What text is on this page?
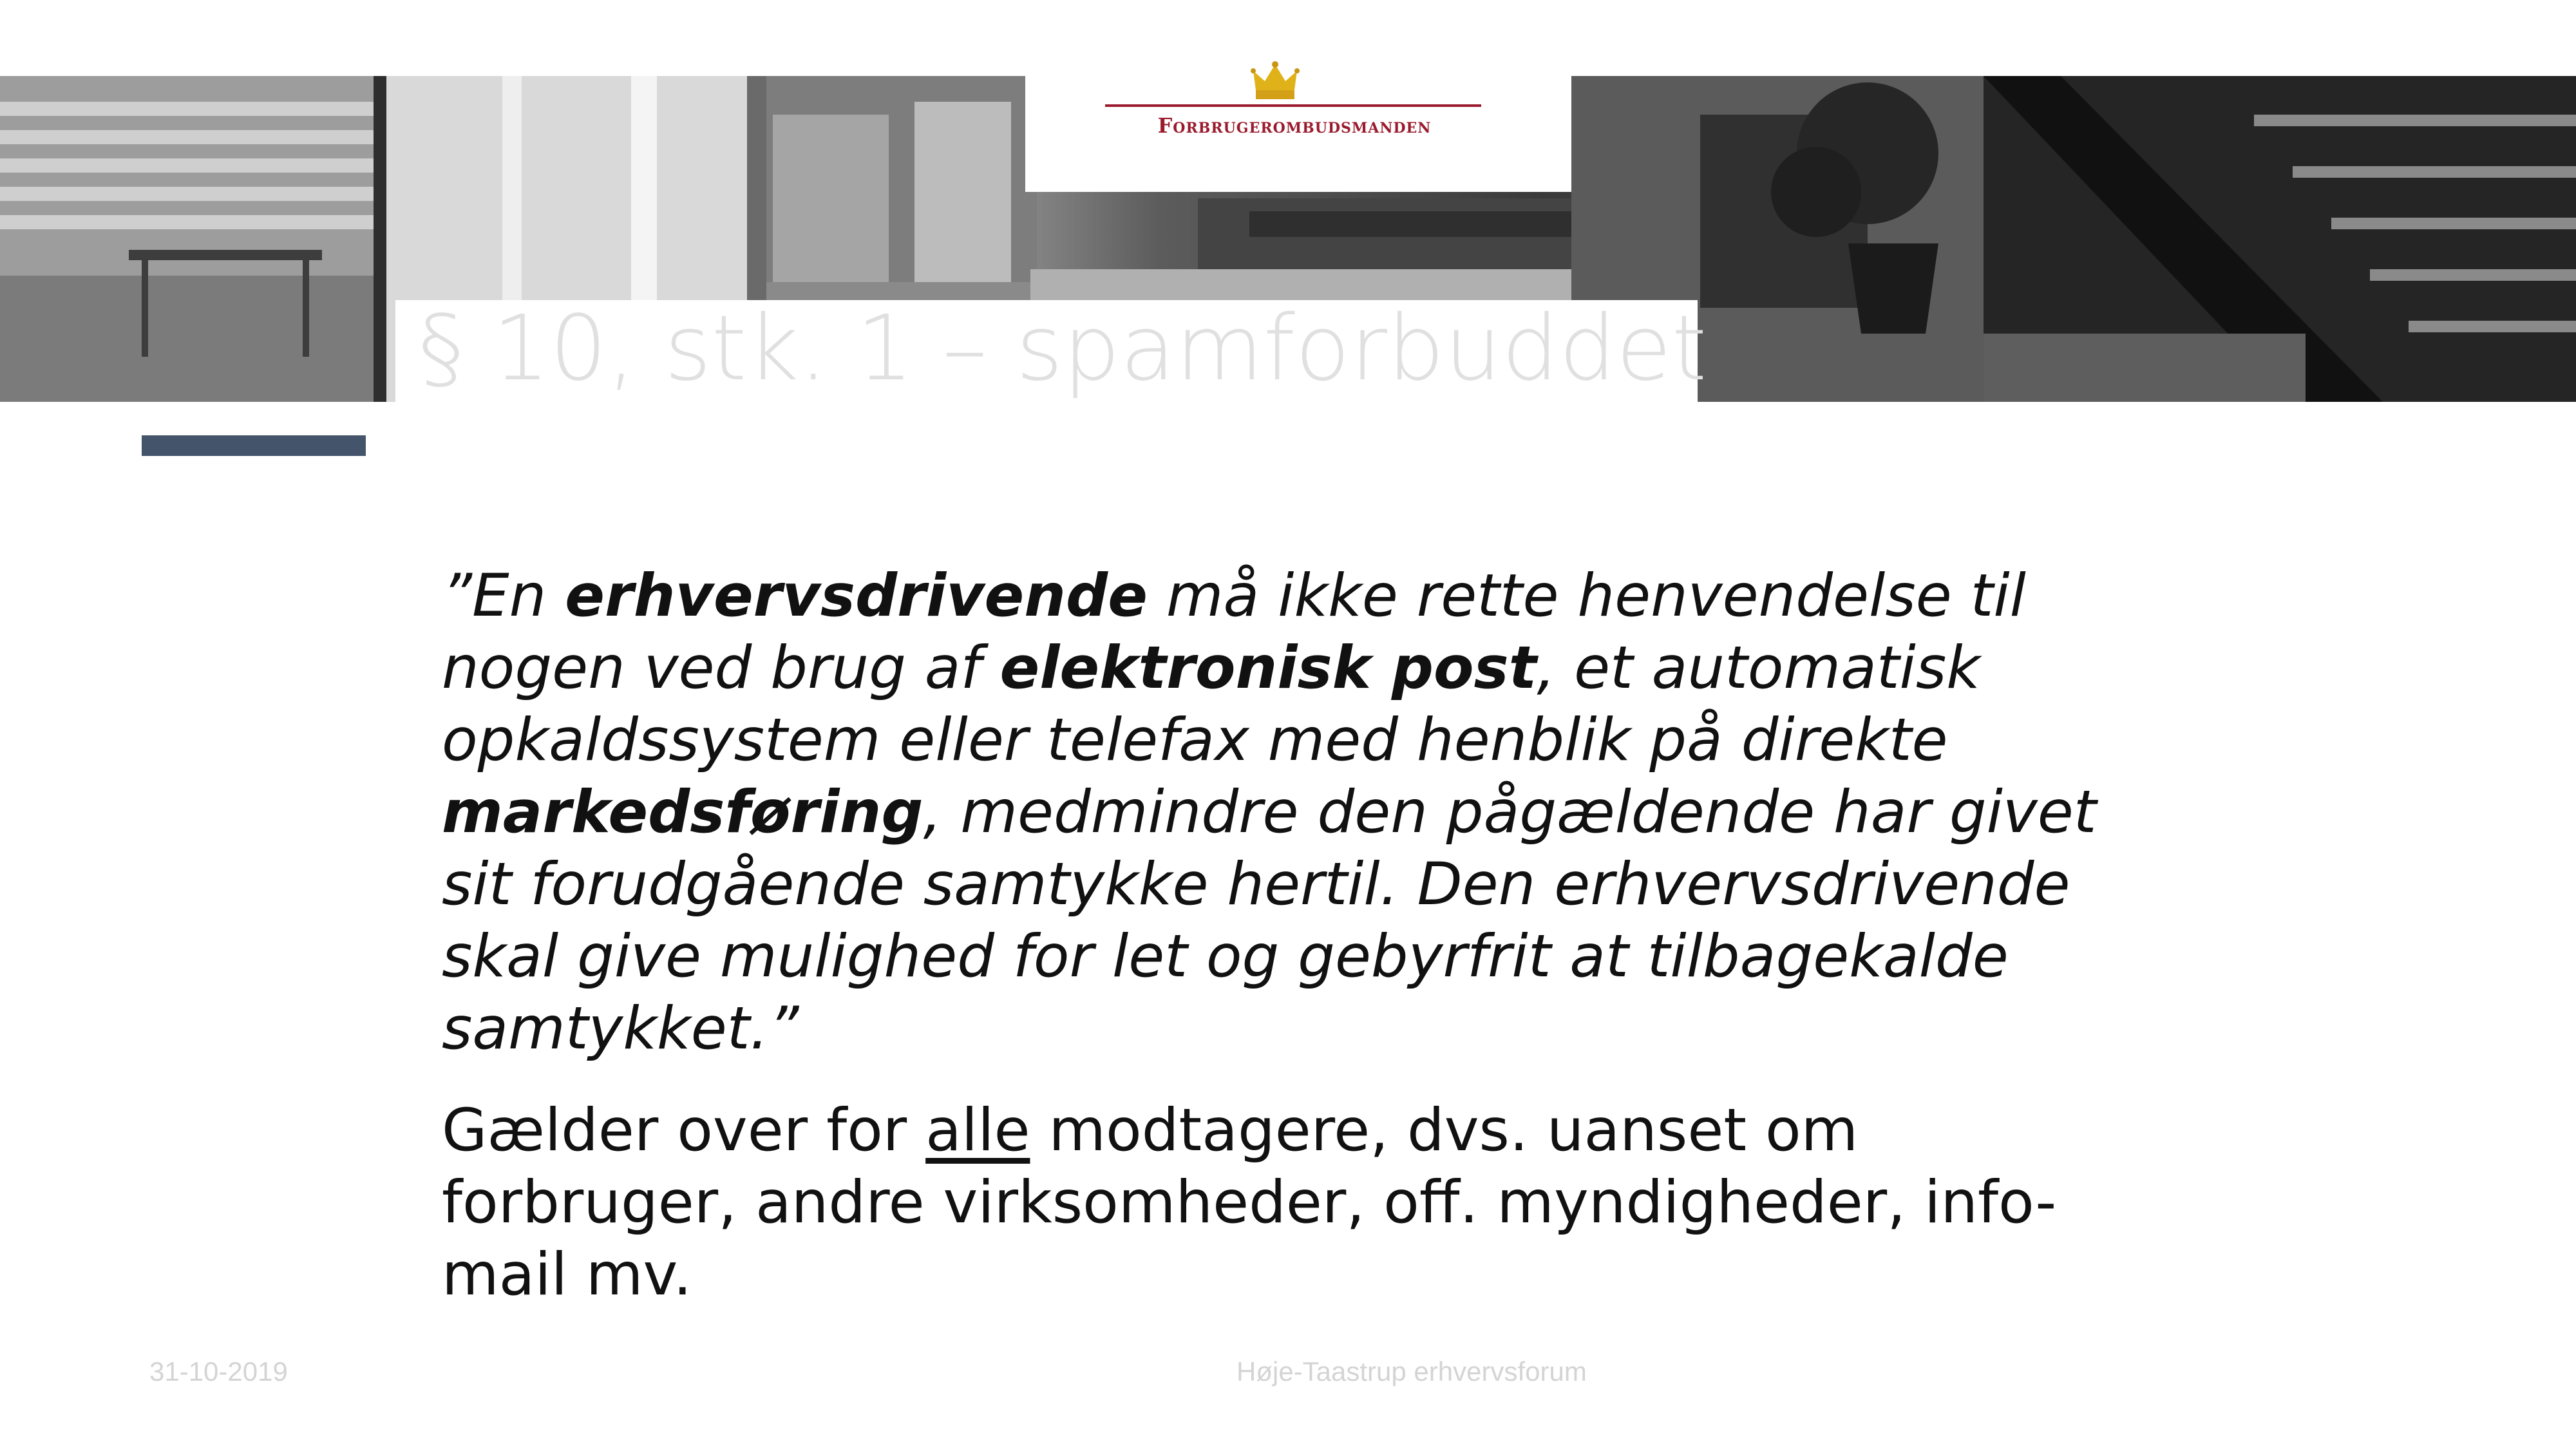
Forbrugerombudsmanden
§ 10, stk. 1 – spamforbuddet
”En erhvervsdrivende må ikke rette henvendelse til nogen ved brug af elektronisk post, et automatisk opkaldssystem eller telefax med henblik på direkte markedsføring, medmindre den pågældende har givet sit forudgående samtykke hertil. Den erhvervsdrivende skal give mulighed for let og gebyrfrit at tilbagekalde samtykket.”
Gælder over for alle modtagere, dvs. uanset om forbruger, andre virksomheder, off. myndigheder, info-mail mv.
31-10-2019	Høje-Taastrup erhvervsforum
